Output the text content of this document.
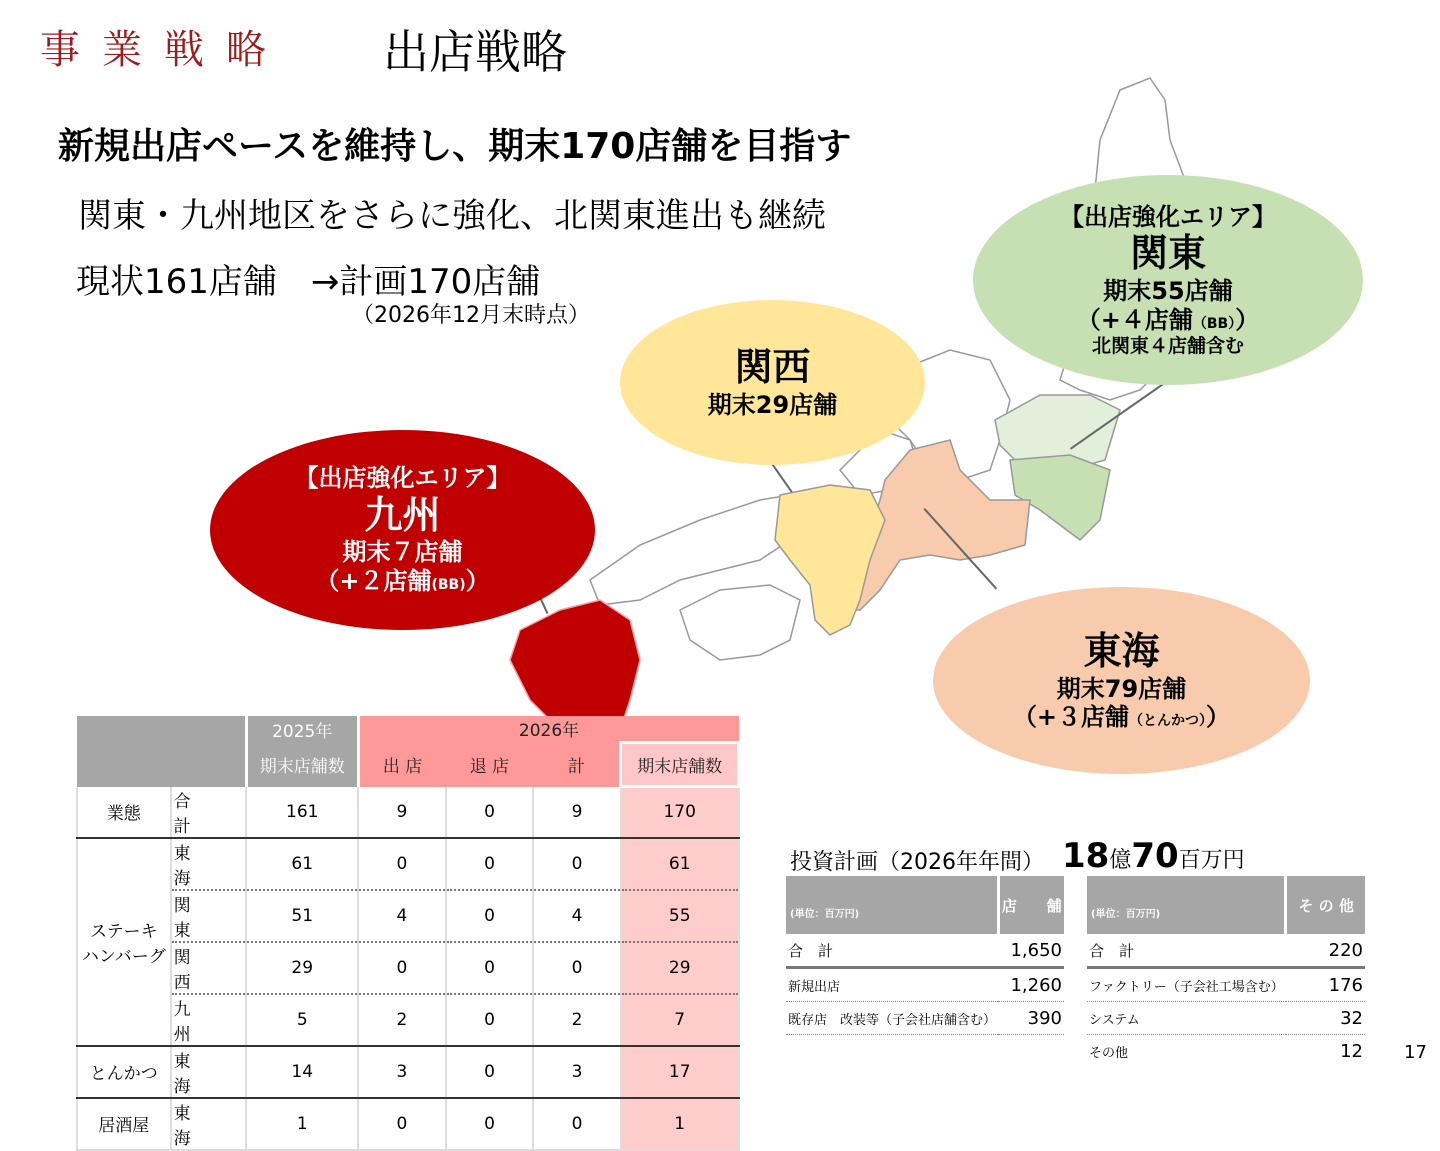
事業戦略 出店戦略
新規出店ペースを維持し、期末170店舗を目指す
関東・九州地区をさらに強化、北関東進出も継続
現状161店舗　→計画170店舗
（2026年12月末時点）
【出店強化エリア】
関東
期末55店舗
（+４店舗（BB））
北関東４店舗含む
関西
期末29店舗
【出店強化エリア】
九州
期末７店舗
（+２店舗(BB)）
東海
期末79店舗
（+３店舗（とんかつ））
		2025年	2026年			
		期末店舗数	出 店	退 店	計	期末店舗数
業態	合計	161	9	0	9	170
ステーキ
ハンバーグ	東海	61	0	0	0	61
	関東	51	4	0	4	55
	関西	29	0	0	0	29
	九州	5	2	0	2	7
とんかつ	東海	14	3	0	3	17
居酒屋	東海	1	0	0	0	1
投資計画（2026年年間） 18億70百万円
(単位：百万円)	店　　舗
合　計	1,650
新規出店	1,260
既存店　改装等（子会社店舗含む）	390
(単位：百万円)	そ の 他
合　計	220
ファクトリー（子会社工場含む）	176
システム	32
その他	12 17
